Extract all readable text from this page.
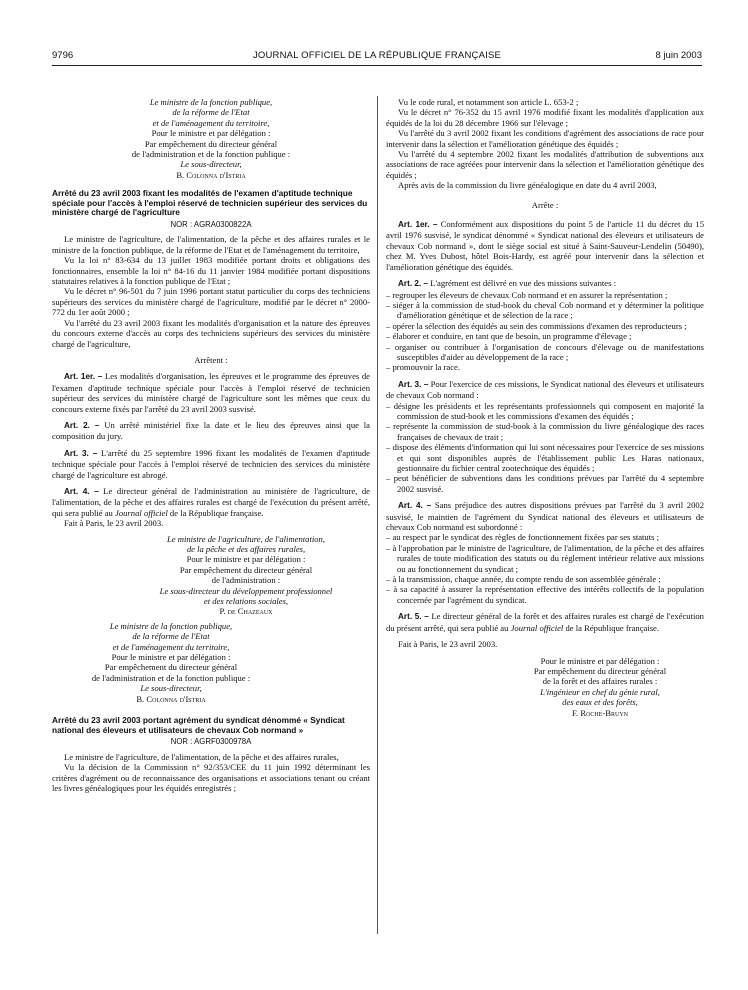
9796	JOURNAL OFFICIEL DE LA RÉPUBLIQUE FRANÇAISE	8 juin 2003

Le ministre de la fonction publique,

de la réforme de l'Etat

et de l'aménagement du territoire,

Pour le ministre et par délégation :

Par empêchement du directeur général

de l'administration et de la fonction publique :

Le sous-directeur,

B. Colonna d'Istria

Arrêté du 23 avril 2003 fixant les modalités de l'examen d'aptitude technique spéciale pour l'accès à l'emploi réservé de technicien supérieur des services du ministère chargé de l'agriculture

NOR : AGRA0300822A

Le ministre de l'agriculture, de l'alimentation, de la pêche et des affaires rurales et le ministre de la fonction publique, de la réforme de l'Etat et de l'aménagement du territoire,

Vu la loi n° 83-634 du 13 juillet 1983 modifiée portant droits et obligations des fonctionnaires, ensemble la loi n° 84-16 du 11 janvier 1984 modifiée portant dispositions statutaires relatives à la fonction publique de l'Etat ;

Vu le décret n° 96-501 du 7 juin 1996 portant statut particulier du corps des techniciens supérieurs des services du ministère chargé de l'agriculture, modifié par le décret n° 2000-772 du 1er août 2000 ;

Vu l'arrêté du 23 avril 2003 fixant les modalités d'organisation et la nature des épreuves du concours externe d'accès au corps des techniciens supérieurs des services du ministère chargé de l'agriculture,

Arrêtent :

Art. 1er. – Les modalités d'organisation, les épreuves et le programme des épreuves de l'examen d'aptitude technique spéciale pour l'accès à l'emploi réservé de technicien supérieur des services du ministère chargé de l'agriculture sont les mêmes que ceux du concours externe fixés par l'arrêté du 23 avril 2003 susvisé.

Art. 2. – Un arrêté ministériel fixe la date et le lieu des épreuves ainsi que la composition du jury.

Art. 3. – L'arrêté du 25 septembre 1996 fixant les modalités de l'examen d'aptitude technique spéciale pour l'accès à l'emploi réservé de technicien des services du ministère chargé de l'agriculture est abrogé.

Art. 4. – Le directeur général de l'administration au ministère de l'agriculture, de l'alimentation, de la pêche et des affaires rurales est chargé de l'exécution du présent arrêté, qui sera publié au Journal officiel de la République française.

Fait à Paris, le 23 avril 2003.

Le ministre de l'agriculture, de l'alimentation,

de la pêche et des affaires rurales,

Pour le ministre et par délégation :

Par empêchement du directeur général

de l'administration :

Le sous-directeur du développement professionnel

et des relations sociales,

P. de Chazeaux

Le ministre de la fonction publique,

de la réforme de l'Etat

et de l'aménagement du territoire,

Pour le ministre et par délégation :

Par empêchement du directeur général

de l'administration et de la fonction publique :

Le sous-directeur,

B. Colonna d'Istria

Arrêté du 23 avril 2003 portant agrément du syndicat dénommé « Syndicat national des éleveurs et utilisateurs de chevaux Cob normand »

NOR : AGRF0300978A

Le ministre de l'agriculture, de l'alimentation, de la pêche et des affaires rurales,

Vu la décision de la Commission n° 92/353/CEE du 11 juin 1992 déterminant les critères d'agrément ou de reconnaissance des organisations et associations tenant ou créant les livres généalogiques pour les équidés enregistrés ;

Vu le code rural, et notamment son article L. 653-2 ;

Vu le décret n° 76-352 du 15 avril 1976 modifié fixant les modalités d'application aux équidés de la loi du 28 décembre 1966 sur l'élevage ;

Vu l'arrêté du 3 avril 2002 fixant les conditions d'agrément des associations de race pour intervenir dans la sélection et l'amélioration génétique des équidés ;

Vu l'arrêté du 4 septembre 2002 fixant les modalités d'attribution de subventions aux associations de race agréées pour intervenir dans la sélection et l'amélioration génétique des équidés ;

Après avis de la commission du livre généalogique en date du 4 avril 2003,

Arrête :

Art. 1er. – Conformément aux dispositions du point 5 de l'article 11 du décret du 15 avril 1976 susvisé, le syndicat dénommé « Syndicat national des éleveurs et utilisateurs de chevaux Cob normand », dont le siège social est situé à Saint-Sauveur-Lendelin (50490), chez M. Yves Dubost, hôtel Bois-Hardy, est agréé pour intervenir dans la sélection et l'amélioration génétique des équidés.

Art. 2. – L'agrément est délivré en vue des missions suivantes :

– regrouper les éleveurs de chevaux Cob normand et en assurer la représentation ;
– siéger à la commission de stud-book du cheval Cob normand et y déterminer la politique d'amélioration génétique et de sélection de la race ;
– opérer la sélection des équidés au sein des commissions d'examen des reproducteurs ;
– élaborer et conduire, en tant que de besoin, un programme d'élevage ;
– organiser ou contribuer à l'organisation de concours d'élevage ou de manifestations susceptibles d'aider au développement de la race ;
– promouvoir la race.

Art. 3. – Pour l'exercice de ces missions, le Syndicat national des éleveurs et utilisateurs de chevaux Cob normand :

– désigne les présidents et les représentants professionnels qui composent en majorité la commission de stud-book et les commissions d'examen des équidés ;
– représente la commission de stud-book à la commission du livre généalogique des races françaises de chevaux de trait ;
– dispose des éléments d'information qui lui sont nécessaires pour l'exercice de ses missions et qui sont disponibles auprès de l'établissement public Les Haras nationaux, gestionnaire du fichier central zootechnique des équidés ;
– peut bénéficier de subventions dans les conditions prévues par l'arrêté du 4 septembre 2002 susvisé.

Art. 4. – Sans préjudice des autres dispositions prévues par l'arrêté du 3 avril 2002 susvisé, le maintien de l'agrément du Syndicat national des éleveurs et utilisateurs de chevaux Cob normand est subordonné :

– au respect par le syndicat des règles de fonctionnement fixées par ses statuts ;
– à l'approbation par le ministre de l'agriculture, de l'alimentation, de la pêche et des affaires rurales de toute modification des statuts ou du règlement intérieur relative aux missions ou au fonctionnement du syndicat ;
– à la transmission, chaque année, du compte rendu de son assemblée générale ;
– à sa capacité à assurer la représentation effective des intérêts collectifs de la population concernée par l'agrément du syndicat.

Art. 5. – Le directeur général de la forêt et des affaires rurales est chargé de l'exécution du présent arrêté, qui sera publié au Journal officiel de la République française.

Fait à Paris, le 23 avril 2003.

Pour le ministre et par délégation :

Par empêchement du directeur général

de la forêt et des affaires rurales :

L'ingénieur en chef du génie rural,

des eaux et des forêts,

F. Roche-Bruyn
